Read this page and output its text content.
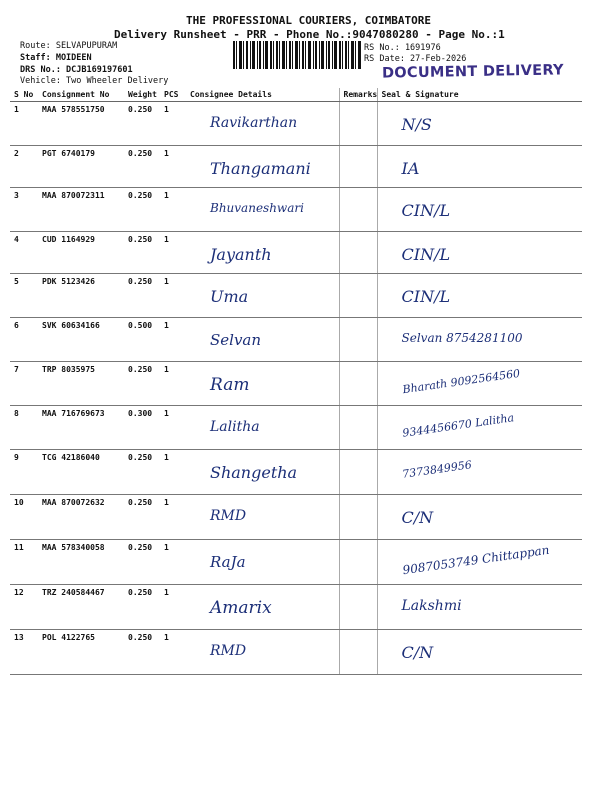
THE PROFESSIONAL COURIERS, COIMBATORE
Delivery Runsheet - PRR - Phone No.:9047080280 - Page No.:1
Route: SELVAPUPURAM
Staff: MOIDEEN
DRS No.: DCJB169197601
Vehicle: Two Wheeler Delivery
RS No.: 1691976
RS Date: 27-Feb-2026
DOCUMENT DELIVERY
S No	Consignment No	Weight	PCS	Consignee Details	Remarks	Seal & Signature
1	MAA 578551750	0.250	1	Ravikarthan		N/S
2	PGT 6740179	0.250	1	Thangamani		IA
3	MAA 870072311	0.250	1	Bhuvaneshwari		CIN/L
4	CUD 1164929	0.250	1	Jayanth		CIN/L
5	PDK 5123426	0.250	1	Uma		CIN/L
6	SVK 60634166	0.500	1	Selvan		Selvan 8754281100
7	TRP 8035975	0.250	1	Ram		Bharath 9092564560
8	MAA 716769673	0.300	1	Lalitha		9344456670 Lalitha
9	TCG 42186040	0.250	1	Shangetha		7373849956
10	MAA 870072632	0.250	1	RMD		C/N
11	MAA 578340058	0.250	1	RaJa		9087053749 Chittappan
12	TRZ 240584467	0.250	1	Amarix		Lakshmi
13	POL 4122765	0.250	1	RMD		C/N
